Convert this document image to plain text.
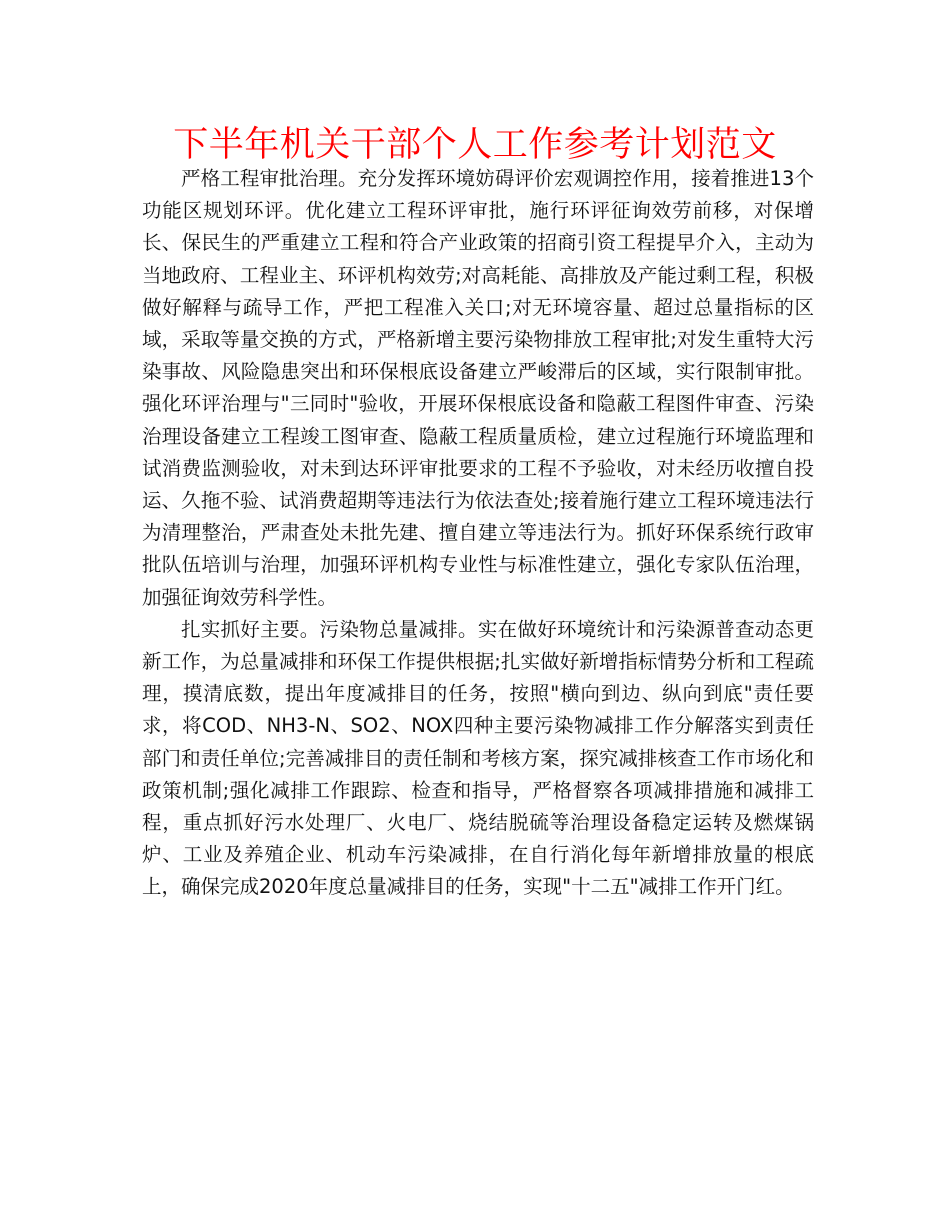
下半年机关干部个人工作参考计划范文

严格工程审批治理。充分发挥环境妨碍评价宏观调控作用，接着推进13个功能区规划环评。优化建立工程环评审批，施行环评征询效劳前移，对保增长、保民生的严重建立工程和符合产业政策的招商引资工程提早介入，主动为当地政府、工程业主、环评机构效劳;对高耗能、高排放及产能过剩工程，积极做好解释与疏导工作，严把工程准入关口;对无环境容量、超过总量指标的区域，采取等量交换的方式，严格新增主要污染物排放工程审批;对发生重特大污染事故、风险隐患突出和环保根底设备建立严峻滞后的区域，实行限制审批。强化环评治理与"三同时"验收，开展环保根底设备和隐蔽工程图件审查、污染治理设备建立工程竣工图审查、隐蔽工程质量质检，建立过程施行环境监理和试消费监测验收，对未到达环评审批要求的工程不予验收，对未经历收擅自投运、久拖不验、试消费超期等违法行为依法查处;接着施行建立工程环境违法行为清理整治，严肃查处未批先建、擅自建立等违法行为。抓好环保系统行政审批队伍培训与治理，加强环评机构专业性与标准性建立，强化专家队伍治理，加强征询效劳科学性。

扎实抓好主要。污染物总量减排。实在做好环境统计和污染源普查动态更新工作，为总量减排和环保工作提供根据;扎实做好新增指标情势分析和工程疏理，摸清底数，提出年度减排目的任务，按照"横向到边、纵向到底"责任要求，将COD、NH3-N、SO2、NOX四种主要污染物减排工作分解落实到责任部门和责任单位;完善减排目的责任制和考核方案，探究减排核查工作市场化和政策机制;强化减排工作跟踪、检查和指导，严格督察各项减排措施和减排工程，重点抓好污水处理厂、火电厂、烧结脱硫等治理设备稳定运转及燃煤锅炉、工业及养殖企业、机动车污染减排，在自行消化每年新增排放量的根底上，确保完成2020年度总量减排目的任务，实现"十二五"减排工作开门红。
